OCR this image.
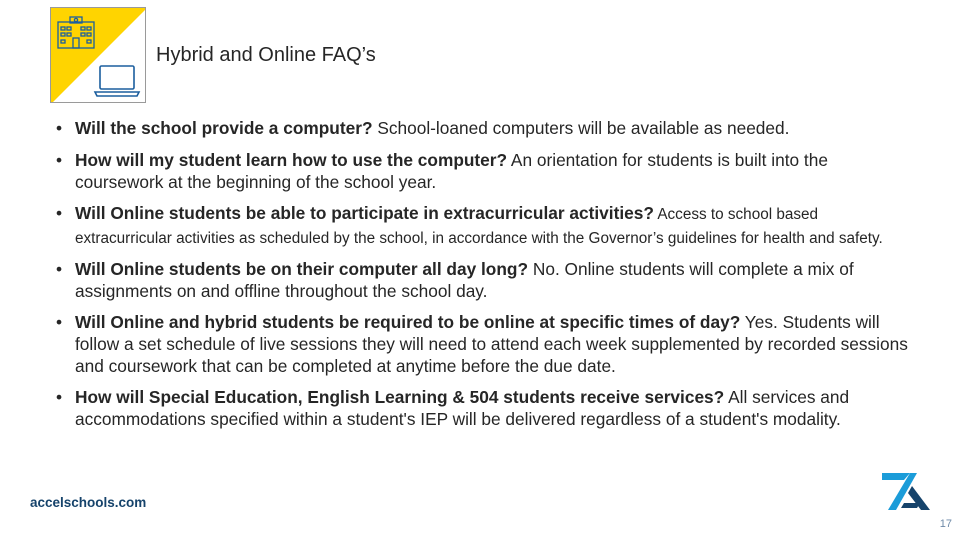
Hybrid and Online FAQ’s
• Will the school provide a computer? School-loaned computers will be available as needed.
• How will my student learn how to use the computer? An orientation for students is built into the coursework at the beginning of the school year.
• Will Online students be able to participate in extracurricular activities? Access to school based extracurricular activities as scheduled by the school, in accordance with the Governor’s guidelines for health and safety.
• Will Online students be on their computer all day long? No. Online students will complete a mix of assignments on and offline throughout the school day.
• Will Online and hybrid students be required to be online at specific times of day? Yes. Students will follow a set schedule of live sessions they will need to attend each week supplemented by recorded sessions and coursework that can be completed at anytime before the due date.
• How will Special Education, English Learning & 504 students receive services? All services and accommodations specified within a student's IEP will be delivered regardless of a student's modality.
accelschools.com
17
